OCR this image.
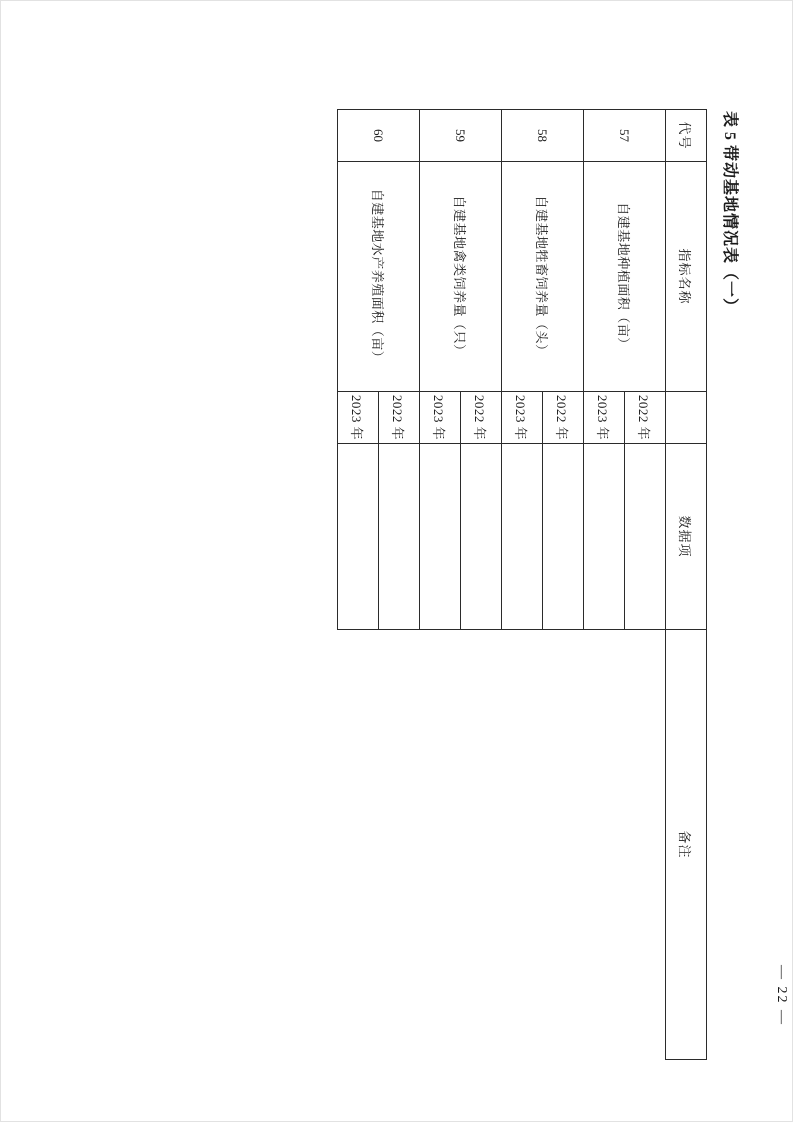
表5带动基地情况表（一）
代号	指标名称		数据项	备注
57	自建基地种植面积（亩）	2022 年		
		2023 年		
58	自建基地牲畜饲养量（头）	2022 年		
		2023 年		
59	自建基地禽类饲养量（只）	2022 年		
		2023 年		
60	自建基地水产养殖面积（亩）	2022 年		
		2023 年		
— 22 —
